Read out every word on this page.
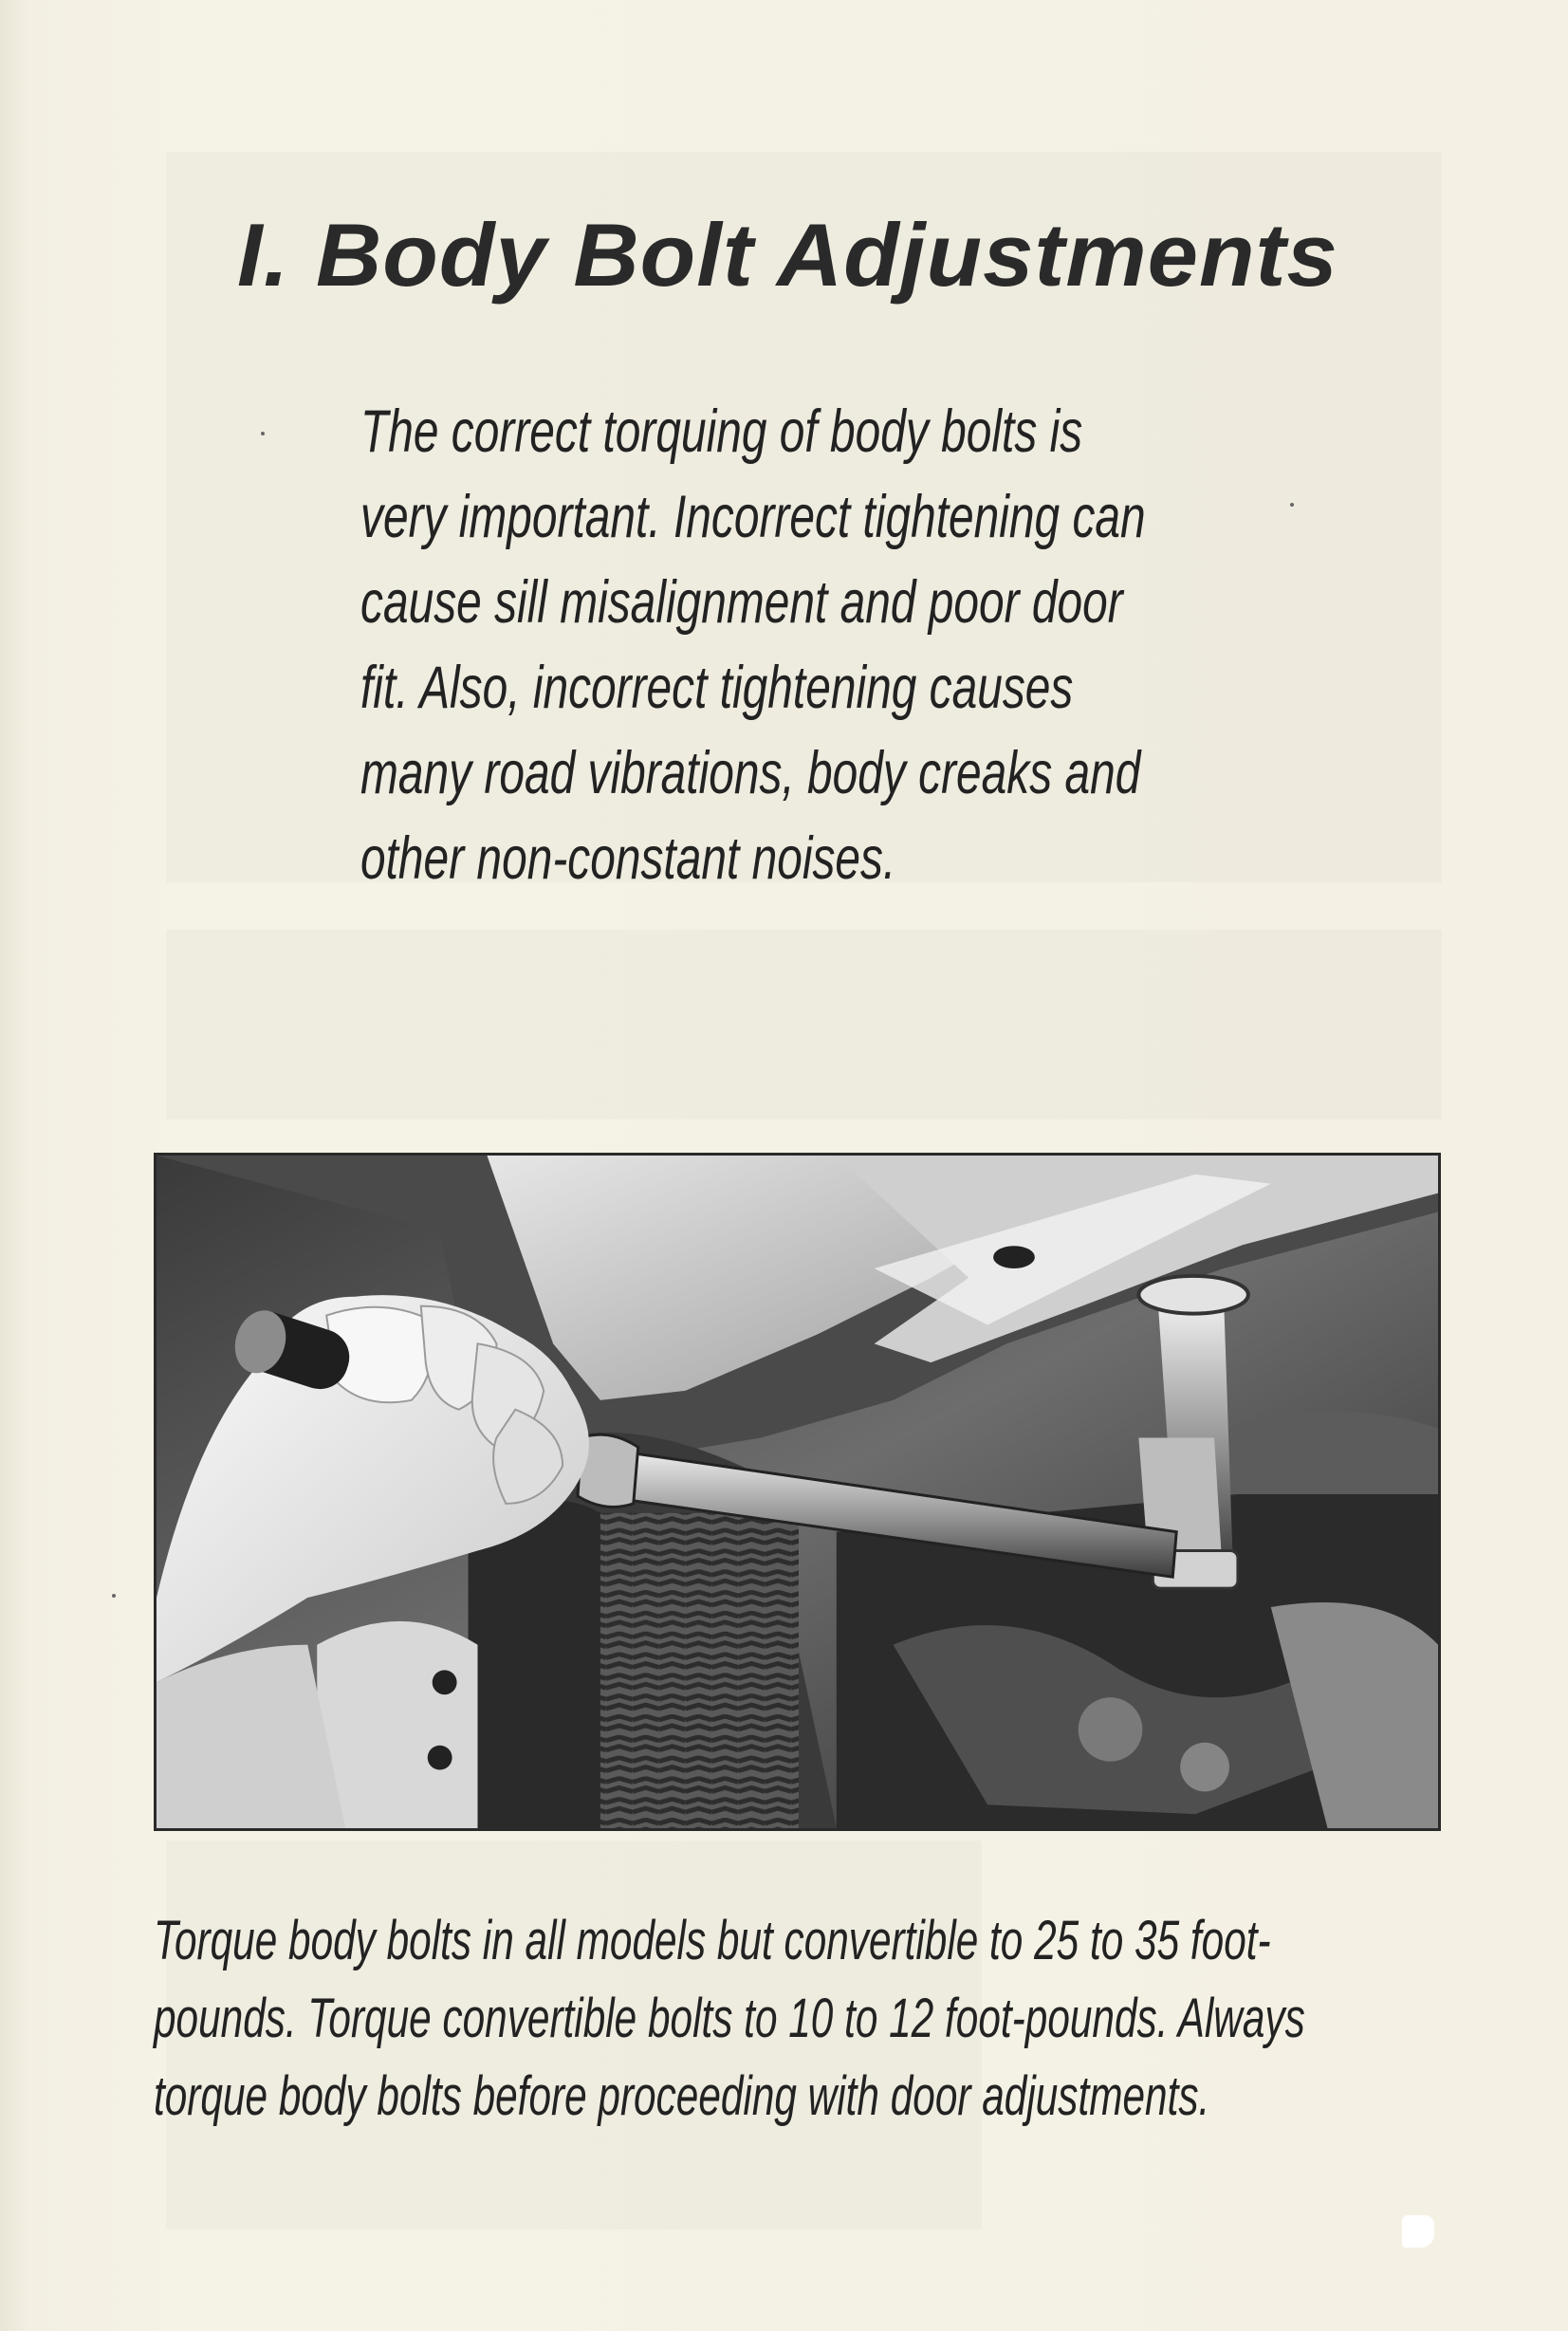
I. Body Bolt Adjustments
The correct torquing of body bolts is
very important. Incorrect tightening can
cause sill misalignment and poor door
fit. Also, incorrect tightening causes
many road vibrations, body creaks and
other non-constant noises.
Torque body bolts in all models but convertible to 25 to 35 foot-
pounds. Torque convertible bolts to 10 to 12 foot-pounds. Always
torque body bolts before proceeding with door adjustments.
